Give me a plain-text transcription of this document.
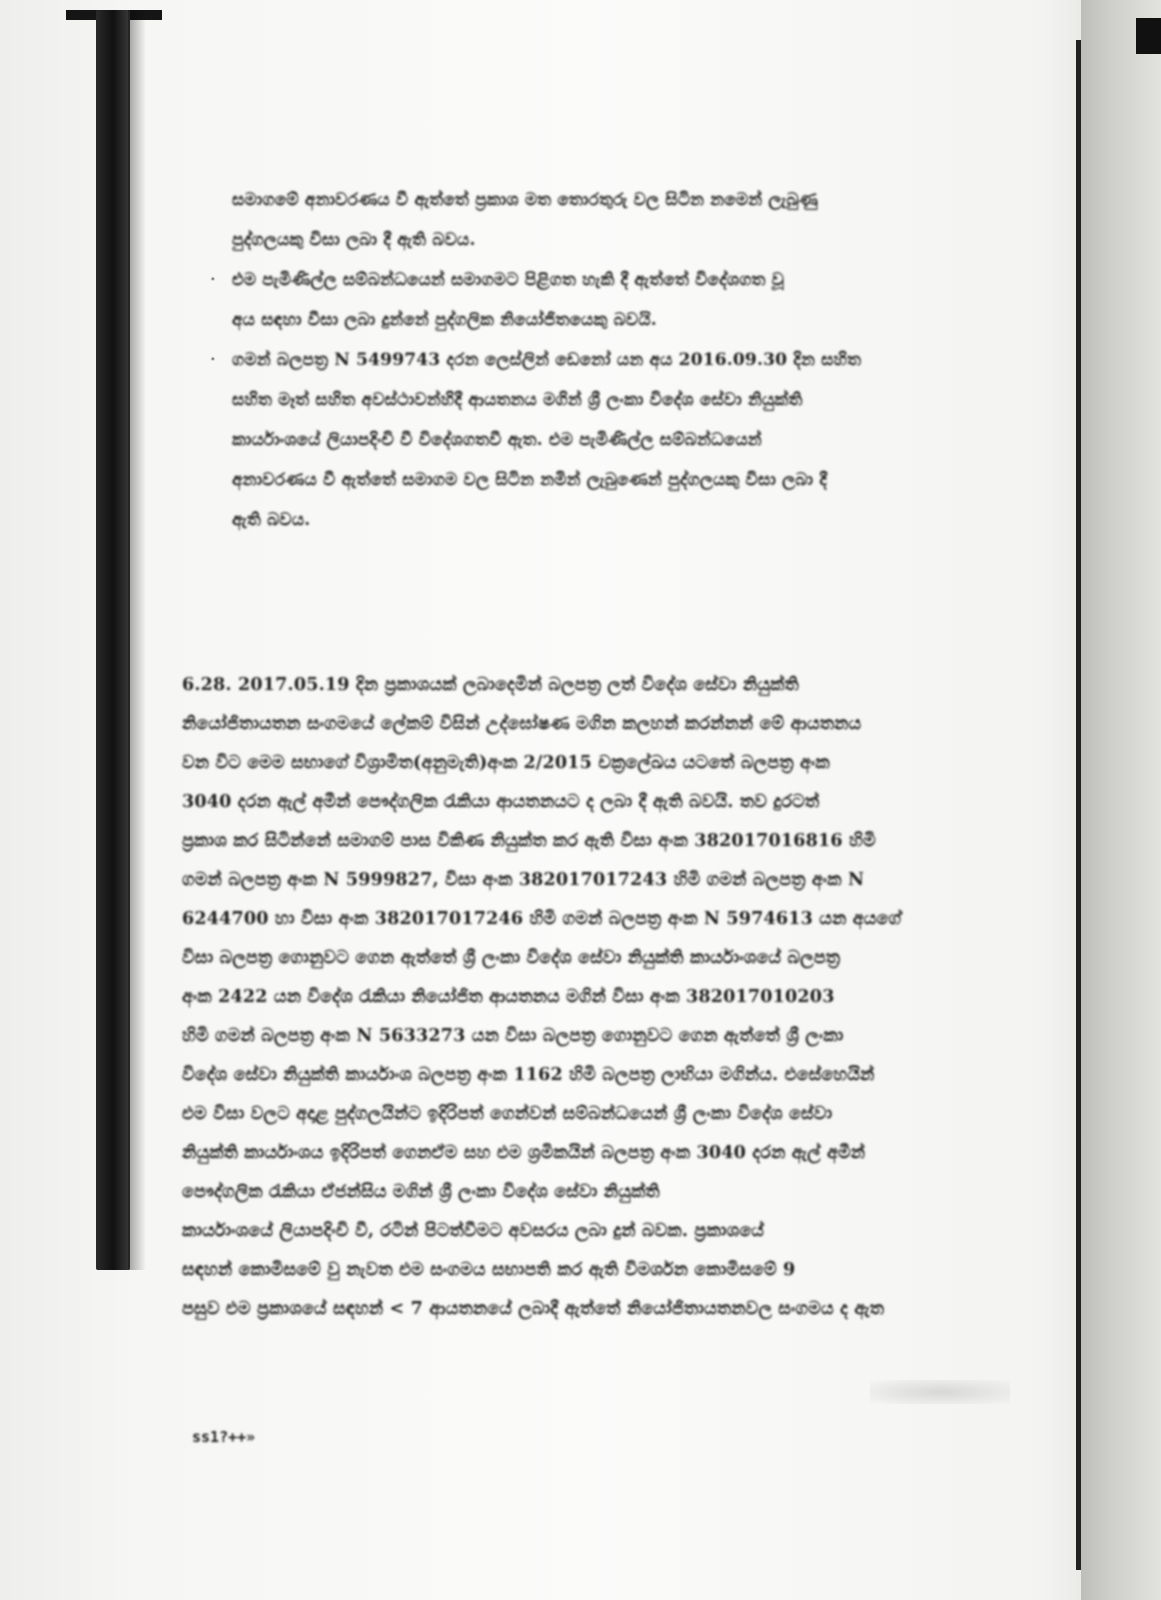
සමාගමේ අනාවරණය වී ඇත්තේ ප්‍රකාශ මත තොරතුරු වල සිටින නමෙන් ලැබුණු

පුද්ගලයකු විසා ලබා දී ඇති බවය.

· එම පැමිණිල්ල සම්බන්ධයෙන් සමාගමට පිළිගත හැකි දී ඇත්තේ විදේශගත වූ

අය සඳහා වීසා ලබා දුන්නේ පුද්ගලික නියෝජිතයෙකු බවයි.

· ගමන් බලපත්‍ර N 5499743 දරන ලෙස්ලින් ඩෙනෝ යන අය 2016.09.30 දින සහිත

සහිත මෑත් සහිත අවස්ථාවන්හිදී ආයතනය මගින් ශ්‍රී ලංකා විදේශ සේවා නියුක්ති

කාර්යාංශයේ ලියාපදිංචි වී විදේශගතවී ඇත. එම පැමිණිල්ල සම්බන්ධයෙන්

අනාවරණය වී ඇත්තේ සමාගම වල සිටින නමින් ලැබුණෙන් පුද්ගලයකු විසා ලබා දී

ඇති බවය.

6.28. 2017.05.19 දින ප්‍රකාශයක් ලබාදෙමින් බලපත්‍ර ලත් විදේශ සේවා නියුක්ති

නියෝජිතායතන සංගමයේ ලේකම් විසින් උද්ඝෝෂණ මගින කලහන් කරන්නන් මේ ආයතනය

වන විට මෙම සභාගේ විශ්‍රාමිත(අනුමැති)අංක 2/2015 චක්‍රලේඛය යටතේ බලපත්‍ර අංක

3040 දරන ඇල් අමීන් පෞද්ගලික රැකියා ආයතනයට ද ලබා දී ඇති බවයි. තව දුරටත්

ප්‍රකාශ කර සිටින්නේ සමාගම් පාස විකිණ නියුක්ත කර ඇති විසා අංක 382017016816 හිමි

ගමන් බලපත්‍ර අංක N 5999827, විසා අංක 382017017243 හිමි ගමන් බලපත්‍ර අංක N

6244700 හා විසා අංක 382017017246 හිමි ගමන් බලපත්‍ර අංක N 5974613 යන අයගේ

විසා බලපත්‍ර ගොනුවට ගෙන ඇත්තේ ශ්‍රී ලංකා විදේශ සේවා නියුක්ති කාර්යාංශයේ බලපත්‍ර

අංක 2422 යන විදේශ රැකියා නියෝජිත ආයතනය මගින් විසා අංක 382017010203

හිමි ගමන් බලපත්‍ර අංක N 5633273 යන විසා බලපත්‍ර ගොනුවට ගෙන ඇත්තේ ශ්‍රී ලංකා

විදේශ සේවා නියුක්ති කාර්යාංශ බලපත්‍ර අංක 1162 හිමි බලපත්‍ර ලාභියා මගින්ය. එසේහෙයින්

එම විසා වලට අදාළ පුද්ගලයින්ට ඉදිරිපත් ගෙන්වන් සම්බන්ධයෙන් ශ්‍රී ලංකා විදේශ සේවා

නියුක්ති කාර්යාංශය ඉදිරිපත් ගෙනඒම සහ එම ශ්‍රමිකයින් බලපත්‍ර අංක 3040 දරන ඇල් අමීන්

පෞද්ගලික රැකියා ඒජන්සිය මගින් ශ්‍රී ලංකා විදේශ සේවා නියුක්ති

කාර්යාංශයේ ලියාපදිංචි වී, රටින් පිටත්වීමට අවසරය ලබා දුන් බවක. ප්‍රකාශයේ

සඳහන් කොමිසමේ වු නැවත එම සංගමය සභාපති කර ඇති විමර්ශන කොමිසමේ 9

පසුව එම ප්‍රකාශයේ සඳහන් < 7 ආයතනයේ ලබාදී ඇත්තේ නියෝජිතායතනවල සංගමය ද ඇත

ss1?++»
